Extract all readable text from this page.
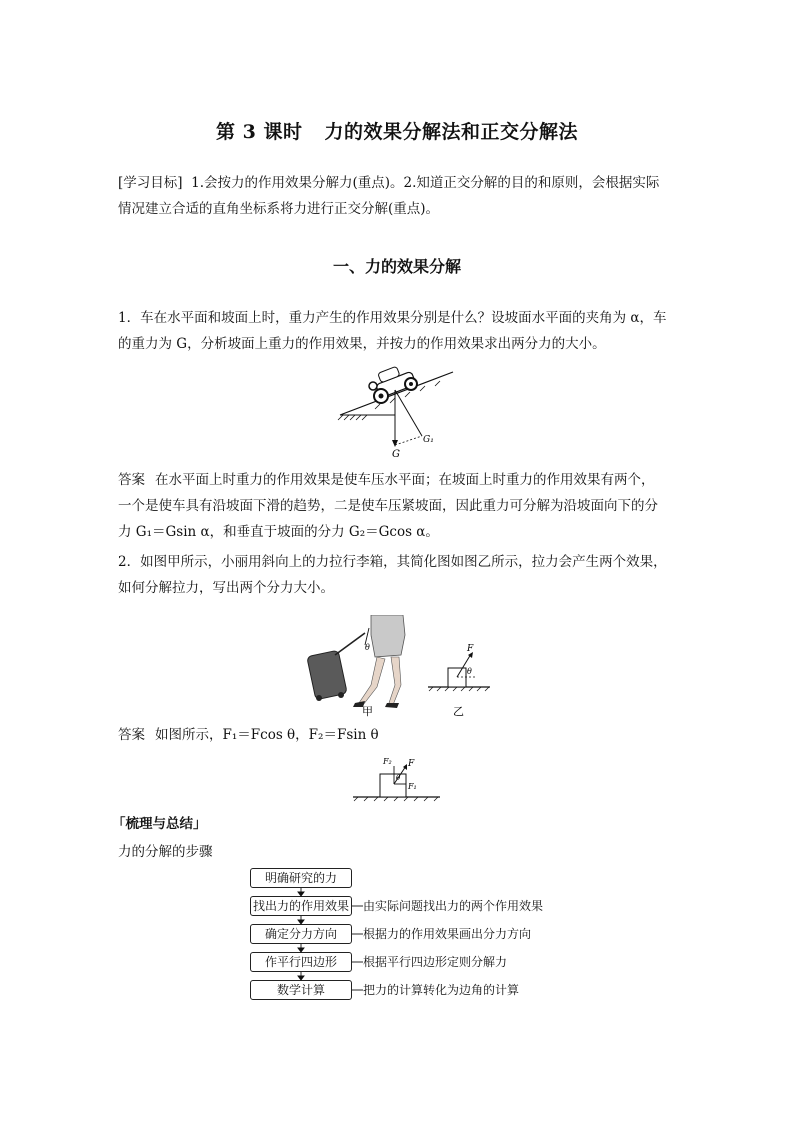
第 3 课时 力的效果分解法和正交分解法
[学习目标] 1.会按力的作用效果分解力(重点)。2.知道正交分解的目的和原则，会根据实际
情况建立合适的直角坐标系将力进行正交分解(重点)。
一、力的效果分解
1．车在水平面和坡面上时，重力产生的作用效果分别是什么？设坡面水平面的夹角为 α，车
的重力为 G，分析坡面上重力的作用效果，并按力的作用效果求出两分力的大小。
G
G₁
答案 在水平面上时重力的作用效果是使车压水平面；在坡面上时重力的作用效果有两个，
一个是使车具有沿坡面下滑的趋势，二是使车压紧坡面，因此重力可分解为沿坡面向下的分
力 G₁＝Gsin α，和垂直于坡面的分力 G₂＝Gcos α。
2．如图甲所示，小丽用斜向上的力拉行李箱，其简化图如图乙所示，拉力会产生两个效果，
如何分解拉力，写出两个分力大小。
θ
甲
F
θ
乙
答案 如图所示，F₁＝Fcos θ，F₂＝Fsin θ
F₂ F
F₁
θ
「梳理与总结」
力的分解的步骤
明确研究的力
找出力的作用效果
确定分力方向
作平行四边形
数学计算
由实际问题找出力的两个作用效果
根据力的作用效果画出分力方向
根据平行四边形定则分解力
把力的计算转化为边角的计算
